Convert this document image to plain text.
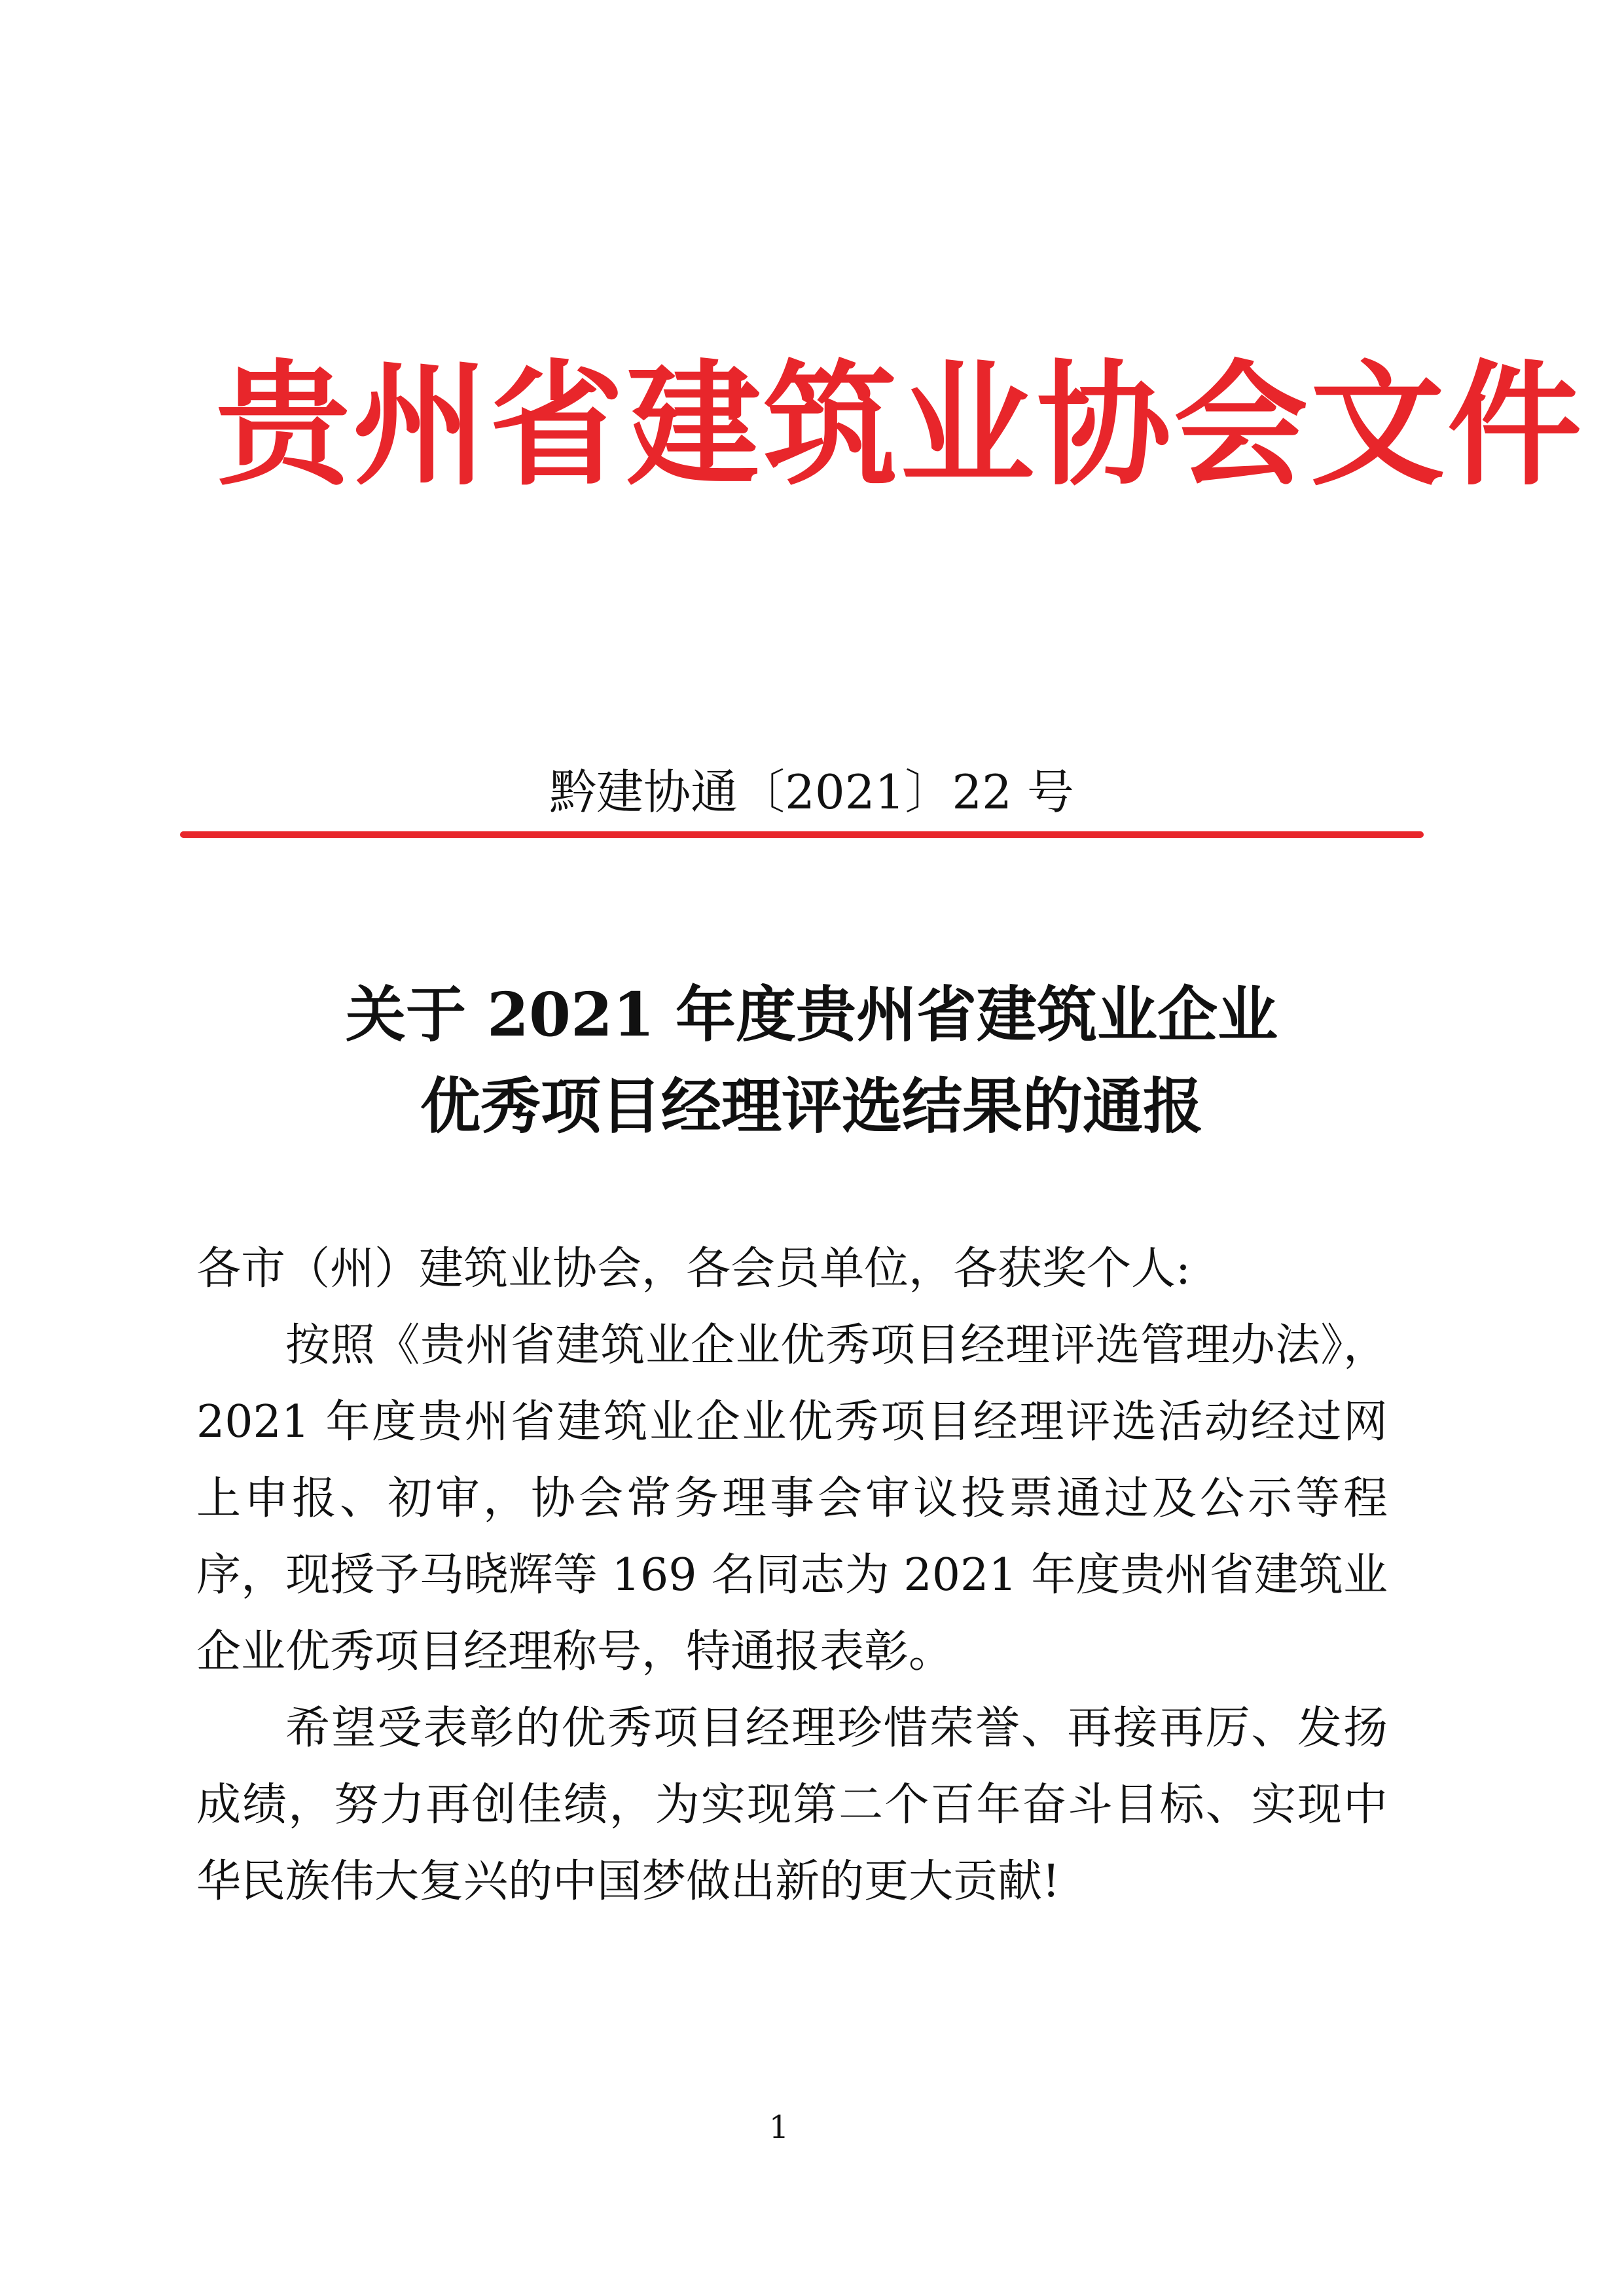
贵州省建筑业协会文件
黔建协通〔2021〕22 号
关于 2021 年度贵州省建筑业企业
优秀项目经理评选结果的通报

各市（州）建筑业协会，各会员单位，各获奖个人:

按照《贵州省建筑业企业优秀项目经理评选管理办法》，2021 年度贵州省建筑业企业优秀项目经理评选活动经过网上申报、初审，协会常务理事会审议投票通过及公示等程序，现授予马晓辉等 169 名同志为 2021 年度贵州省建筑业企业优秀项目经理称号，特通报表彰。

希望受表彰的优秀项目经理珍惜荣誉、再接再厉、发扬成绩，努力再创佳绩，为实现第二个百年奋斗目标、实现中华民族伟大复兴的中国梦做出新的更大贡献!

1
